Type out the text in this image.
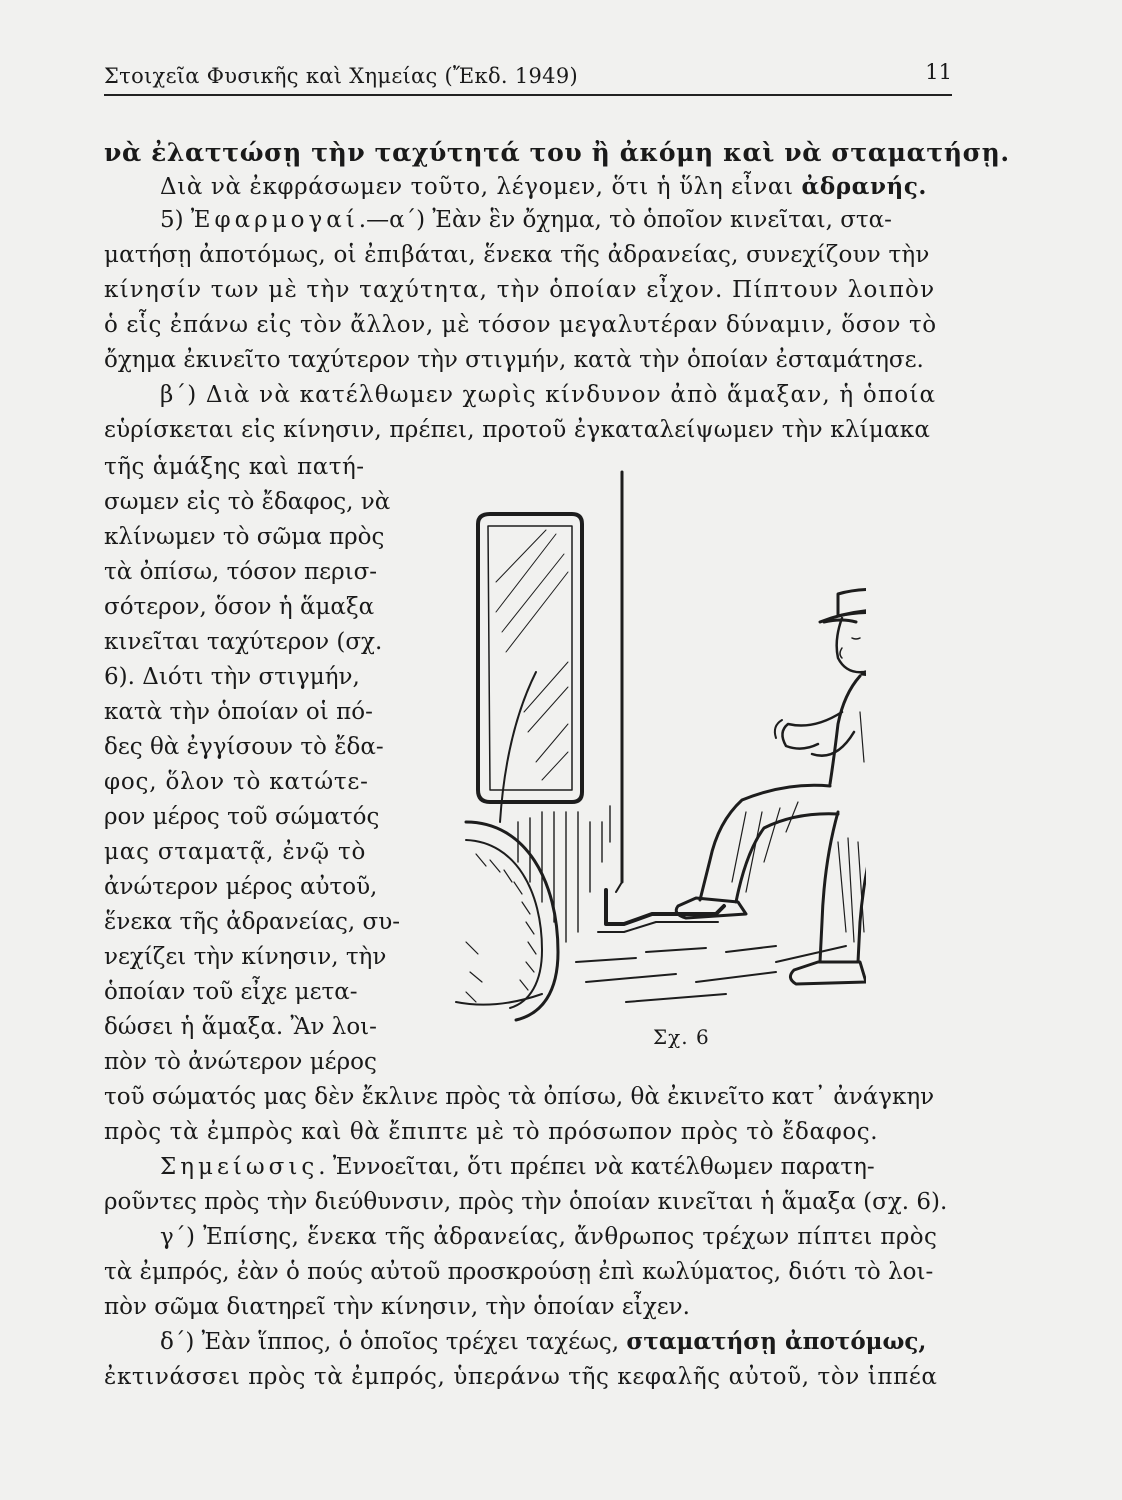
Στοιχεῖα Φυσικῆς καὶ Χημείας (Ἔκδ. 1949)	11
νὰ ἐλαττώσῃ τὴν ταχύτητά του ἢ ἀκόμη καὶ νὰ σταματήσῃ.
Διὰ νὰ ἐκφράσωμεν τοῦτο, λέγομεν, ὅτι ἡ ὕλη εἶναι ἀδρανής.
5) Ἐφαρμογαί.—α΄) Ἐὰν ἓν ὄχημα, τὸ ὁποῖον κινεῖται, στα-
ματήσῃ ἀποτόμως, οἱ ἐπιβάται, ἕνεκα τῆς ἀδρανείας, συνεχίζουν τὴν
κίνησίν των μὲ τὴν ταχύτητα, τὴν ὁποίαν εἶχον. Πίπτουν λοιπὸν
ὁ εἷς ἐπάνω εἰς τὸν ἄλλον, μὲ τόσον μεγαλυτέραν δύναμιν, ὅσον τὸ
ὄχημα ἐκινεῖτο ταχύτερον τὴν στιγμήν, κατὰ τὴν ὁποίαν ἐσταμάτησε.
β΄) Διὰ νὰ κατέλθωμεν χωρὶς κίνδυνον ἀπὸ ἅμαξαν, ἡ ὁποία
εὑρίσκεται εἰς κίνησιν, πρέπει, προτοῦ ἐγκαταλείψωμεν τὴν κλίμακα
τῆς ἁμάξης καὶ πατή-
σωμεν εἰς τὸ ἔδαφος, νὰ
κλίνωμεν τὸ σῶμα πρὸς
τὰ ὀπίσω, τόσον περισ-
σότερον, ὅσον ἡ ἅμαξα
κινεῖται ταχύτερον (σχ.
6). Διότι τὴν στιγμήν,
κατὰ τὴν ὁποίαν οἱ πό-
δες θὰ ἐγγίσουν τὸ ἔδα-
φος, ὅλον τὸ κατώτε-
ρον μέρος τοῦ σώματός
μας σταματᾷ, ἐνῷ τὸ
ἀνώτερον μέρος αὐτοῦ,
ἕνεκα τῆς ἀδρανείας, συ-
νεχίζει τὴν κίνησιν, τὴν
ὁποίαν τοῦ εἶχε μετα-
δώσει ἡ ἅμαξα. Ἂν λοι-
πὸν τὸ ἀνώτερον μέρος
τοῦ σώματός μας δὲν ἔκλινε πρὸς τὰ ὀπίσω, θὰ ἐκινεῖτο κατ᾽ ἀνάγκην
πρὸς τὰ ἐμπρὸς καὶ θὰ ἔπιπτε μὲ τὸ πρόσωπον πρὸς τὸ ἔδαφος.
Σημείωσις. Ἐννοεῖται, ὅτι πρέπει νὰ κατέλθωμεν παρατη-
ροῦντες πρὸς τὴν διεύθυνσιν, πρὸς τὴν ὁποίαν κινεῖται ἡ ἅμαξα (σχ. 6).
γ΄) Ἐπίσης, ἕνεκα τῆς ἀδρανείας, ἄνθρωπος τρέχων πίπτει πρὸς
τὰ ἐμπρός, ἐὰν ὁ πούς αὐτοῦ προσκρούσῃ ἐπὶ κωλύματος, διότι τὸ λοι-
πὸν σῶμα διατηρεῖ τὴν κίνησιν, τὴν ὁποίαν εἶχεν.
δ΄) Ἐὰν ἵππος, ὁ ὁποῖος τρέχει ταχέως, σταματήσῃ ἀποτόμως,
ἐκτινάσσει πρὸς τὰ ἐμπρός, ὑπεράνω τῆς κεφαλῆς αὐτοῦ, τὸν ἱππέα
Σχ. 6
